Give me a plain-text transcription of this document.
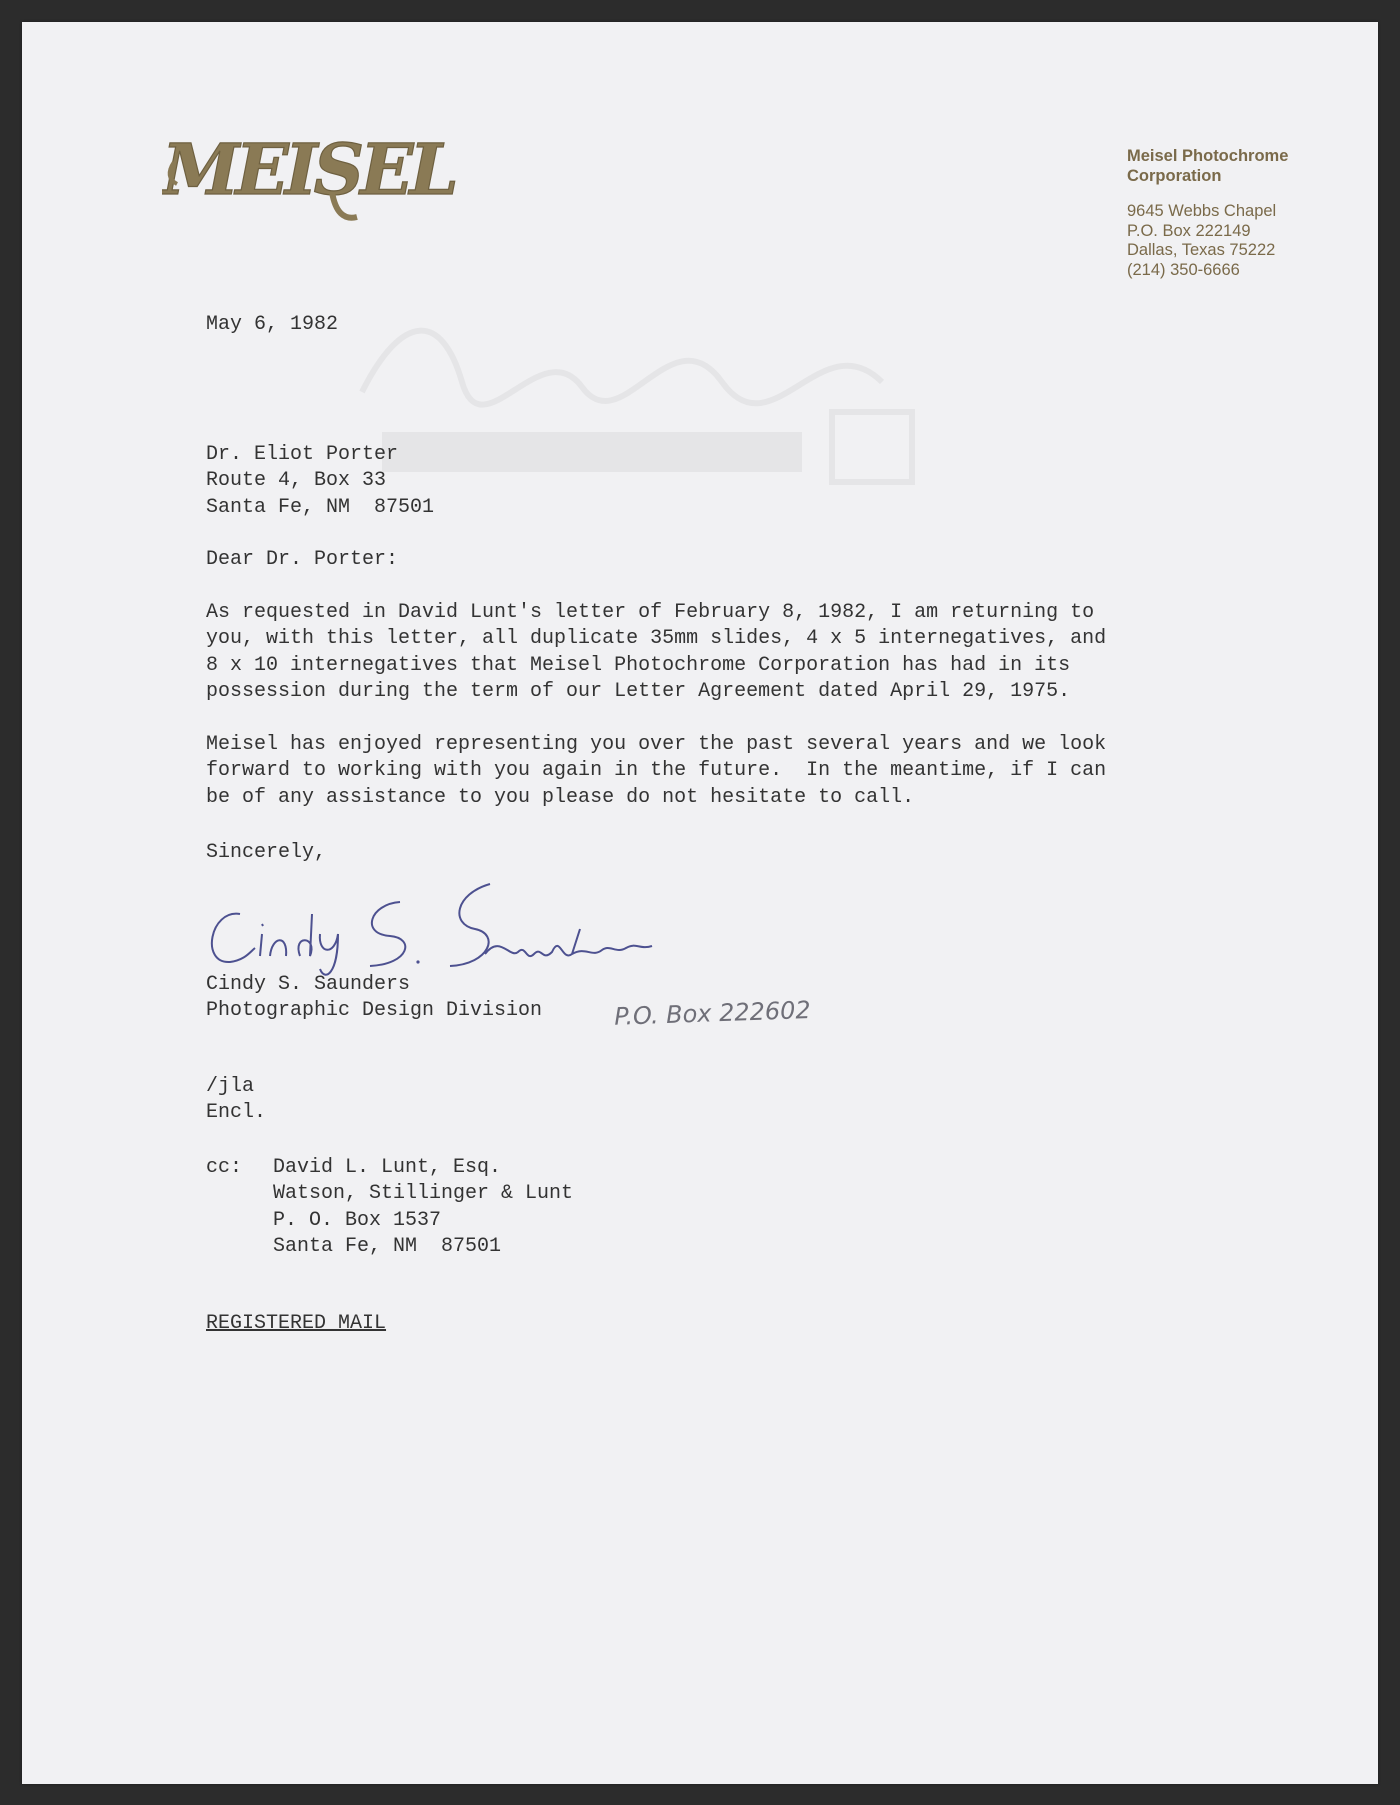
MEISEL	Meisel Photochrome
Corporation
9645 Webbs Chapel
P.O. Box 222149
Dallas, Texas 75222
(214) 350-6666
May 6, 1982
Dr. Eliot Porter
Route 4, Box 33
Santa Fe, NM  87501
Dear Dr. Porter:
As requested in David Lunt's letter of February 8, 1982, I am returning to
you, with this letter, all duplicate 35mm slides, 4 x 5 internegatives, and
8 x 10 internegatives that Meisel Photochrome Corporation has had in its
possession during the term of our Letter Agreement dated April 29, 1975.
Meisel has enjoyed representing you over the past several years and we look
forward to working with you again in the future.  In the meantime, if I can
be of any assistance to you please do not hesitate to call.
Sincerely,
Cindy S. Saunders
Photographic Design Division	P.O. Box 222602
/jla
Encl.
cc: David L. Lunt, Esq.
Watson, Stillinger & Lunt
P. O. Box 1537
Santa Fe, NM  87501
REGISTERED MAIL
